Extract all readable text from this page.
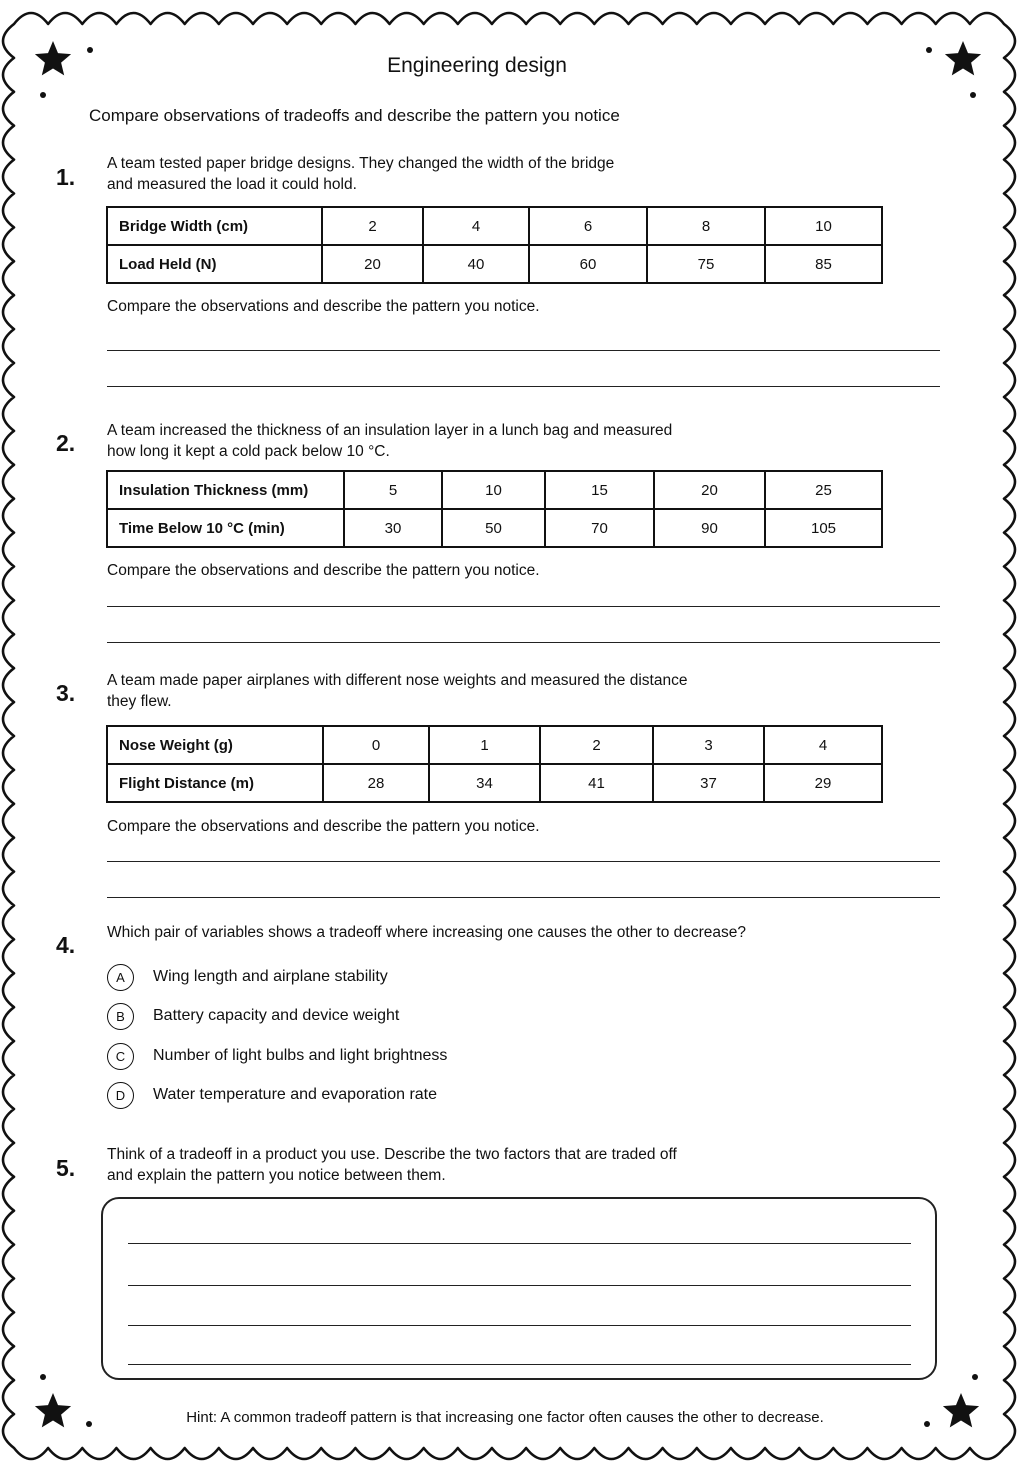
Engineering design
Compare observations of tradeoffs and describe the pattern you notice
1.
A team tested paper bridge designs. They changed the width of the bridge
and measured the load it could hold.
Bridge Width (cm)	2	4	6	8	10
Load Held (N)	20	40	60	75	85
Compare the observations and describe the pattern you notice.
2. A team increased the thickness of an insulation layer in a lunch bag and measured
how long it kept a cold pack below 10 °C.
Insulation Thickness (mm)	5	10	15	20	25
Time Below 10 °C (min)	30	50	70	90	105
Compare the observations and describe the pattern you notice.
3. A team made paper airplanes with different nose weights and measured the distance
they flew.
Nose Weight (g)	0	1	2	3	4
Flight Distance (m)	28	34	41	37	29
Compare the observations and describe the pattern you notice.
4. Which pair of variables shows a tradeoff where increasing one causes the other to decrease?
A	Wing length and airplane stability
B	Battery capacity and device weight
C	Number of light bulbs and light brightness
D	Water temperature and evaporation rate
5.
Think of a tradeoff in a product you use. Describe the two factors that are traded off
and explain the pattern you notice between them.
Hint: A common tradeoff pattern is that increasing one factor often causes the other to decrease.
